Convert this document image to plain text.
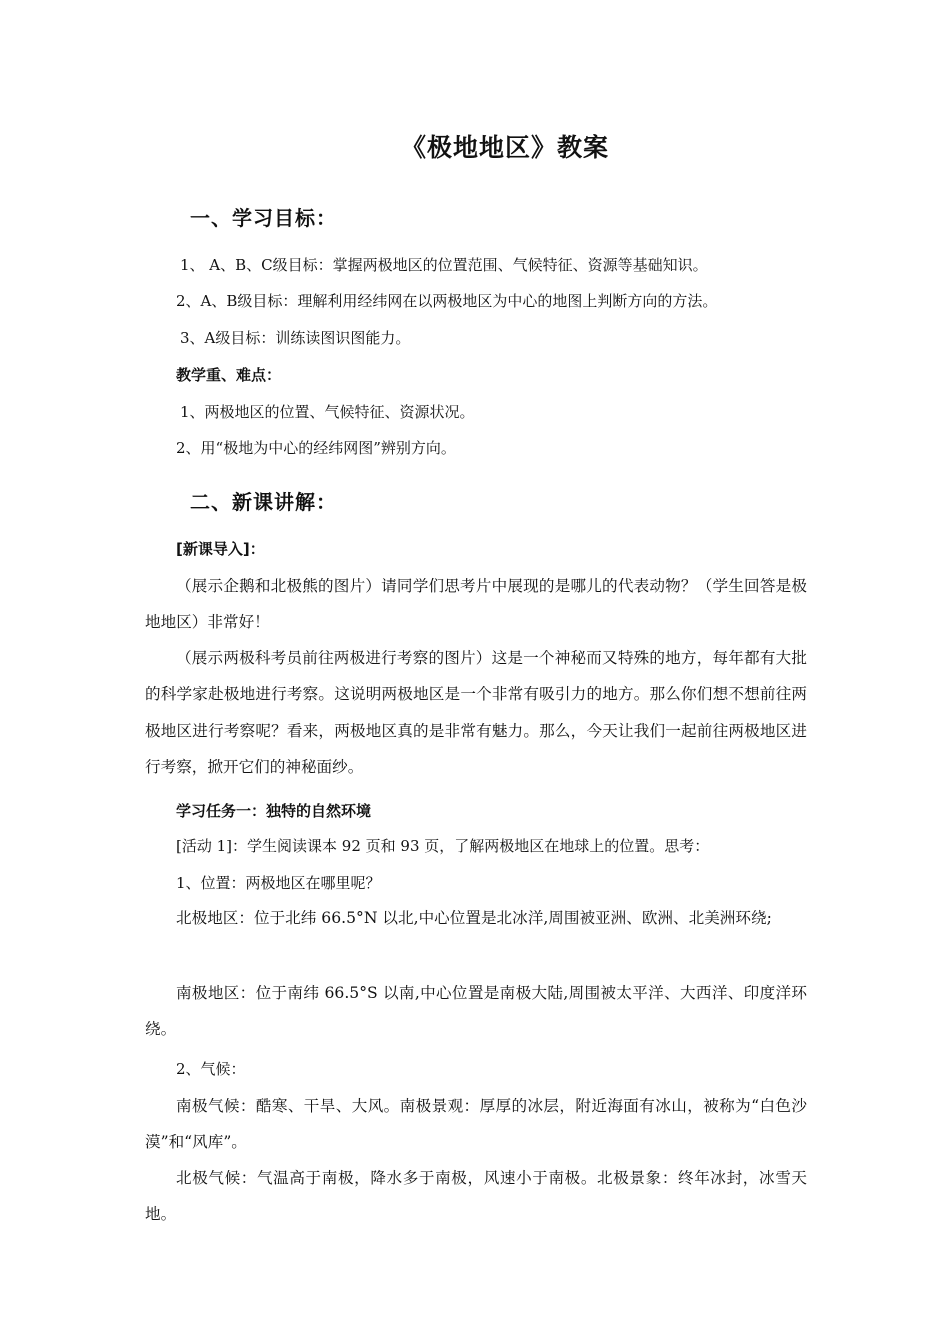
《极地地区》教案
一、学习目标：
1、 A、B、C级目标：掌握两极地区的位置范围、气候特征、资源等基础知识。
2、A、B级目标：理解利用经纬网在以两极地区为中心的地图上判断方向的方法。
3、A级目标：训练读图识图能力。
教学重、难点：
1、两极地区的位置、气候特征、资源状况。
2、用“极地为中心的经纬网图”辨别方向。
二、新课讲解：
[新课导入]：
（展示企鹅和北极熊的图片）请同学们思考片中展现的是哪儿的代表动物？（学生回答是极地地区）非常好！
（展示两极科考员前往两极进行考察的图片）这是一个神秘而又特殊的地方，每年都有大批的科学家赴极地进行考察。这说明两极地区是一个非常有吸引力的地方。那么你们想不想前往两极地区进行考察呢？看来，两极地区真的是非常有魅力。那么，今天让我们一起前往两极地区进行考察，掀开它们的神秘面纱。
学习任务一：独特的自然环境
[活动 1]：学生阅读课本 92 页和 93 页，了解两极地区在地球上的位置。思考：
1、位置：两极地区在哪里呢？
北极地区：位于北纬 66.5°N 以北,中心位置是北冰洋,周围被亚洲、欧洲、北美洲环绕;
南极地区：位于南纬 66.5°S 以南,中心位置是南极大陆,周围被太平洋、大西洋、印度洋环绕。
2、气候：
南极气候：酷寒、干旱、大风。南极景观：厚厚的冰层，附近海面有冰山，被称为“白色沙漠”和“风库”。
北极气候：气温高于南极，降水多于南极，风速小于南极。北极景象：终年冰封，冰雪天地。
